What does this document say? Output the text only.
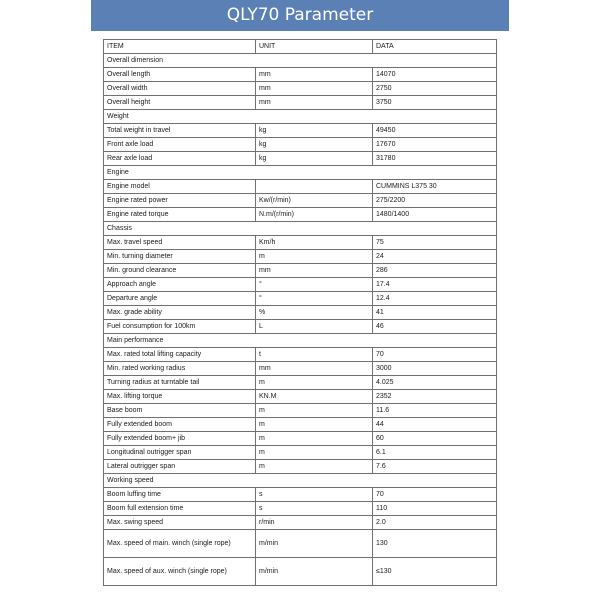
QLY70 Parameter
ITEM	UNIT	DATA
Overall dimension		
Overall length	mm	14070
Overall width	mm	2750
Overall height	mm	3750
Weight		
Total weight in travel	kg	49450
Front axle load	kg	17670
Rear axle load	kg	31780
Engine		
Engine model		CUMMINS L375 30
Engine rated power	Kw/(r/min)	275/2200
Engine rated torque	N.m/(r/min)	1480/1400
Chassis		
Max. travel speed	Km/h	75
Min. turning diameter	m	24
Min. ground clearance	mm	286
Approach angle	°	17.4
Departure angle	°	12.4
Max. grade ability	%	41
Fuel consumption for 100km	L	46
Main performance		
Max. rated total lifting capacity	t	70
Min. rated working radius	mm	3000
Turning radius at turntable tail	m	4.025
Max. lifting torque	KN.M	2352
Base boom	m	11.6
Fully extended boom	m	44
Fully extended boom+ jib	m	60
Longitudinal outrigger span	m	6.1
Lateral outrigger span	m	7.6
Working speed		
Boom luffing time	s	70
Boom full extension time	s	110
Max. swing speed	r/min	2.0
Max. speed of main. winch (single rope)	m/min	130
Max. speed of aux. winch (single rope)	m/min	≤130
